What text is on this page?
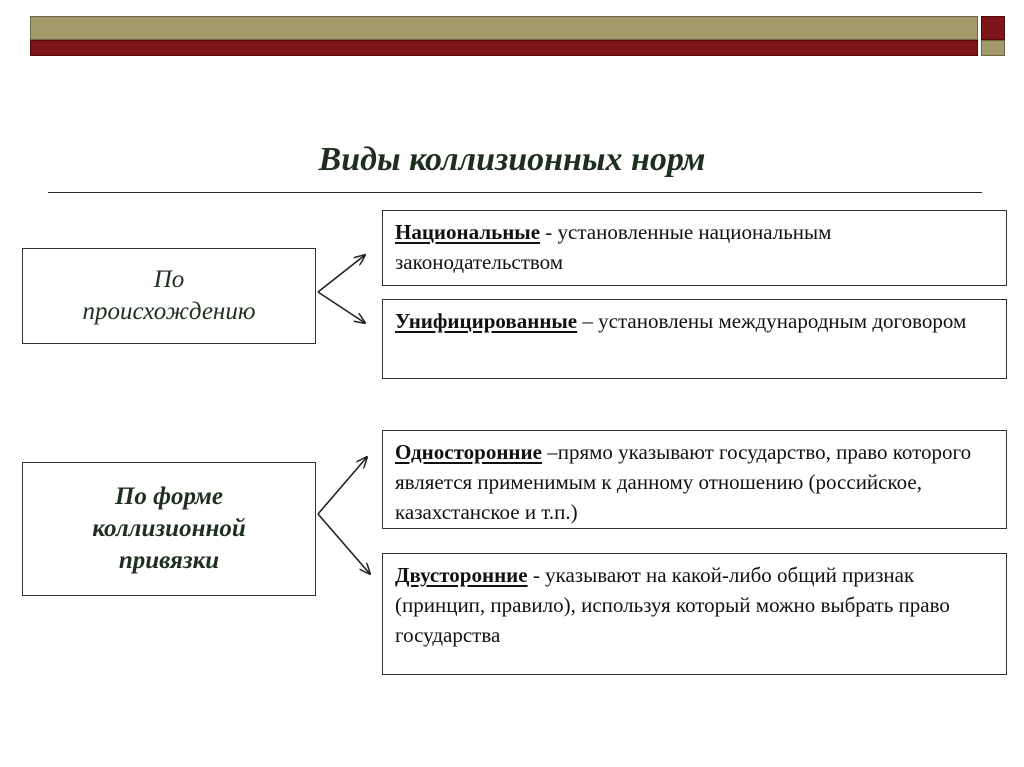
Виды коллизионных норм
По
происхождению
Национальные - установленные национальным законодательством
Унифицированные – установлены международным договором
По форме
коллизионной
привязки
Односторонние –прямо указывают государство, право которого является применимым к данному отношению (российское, казахстанское и т.п.)
Двусторонние - указывают на какой-либо общий признак (принцип, правило), используя который можно выбрать право государства
